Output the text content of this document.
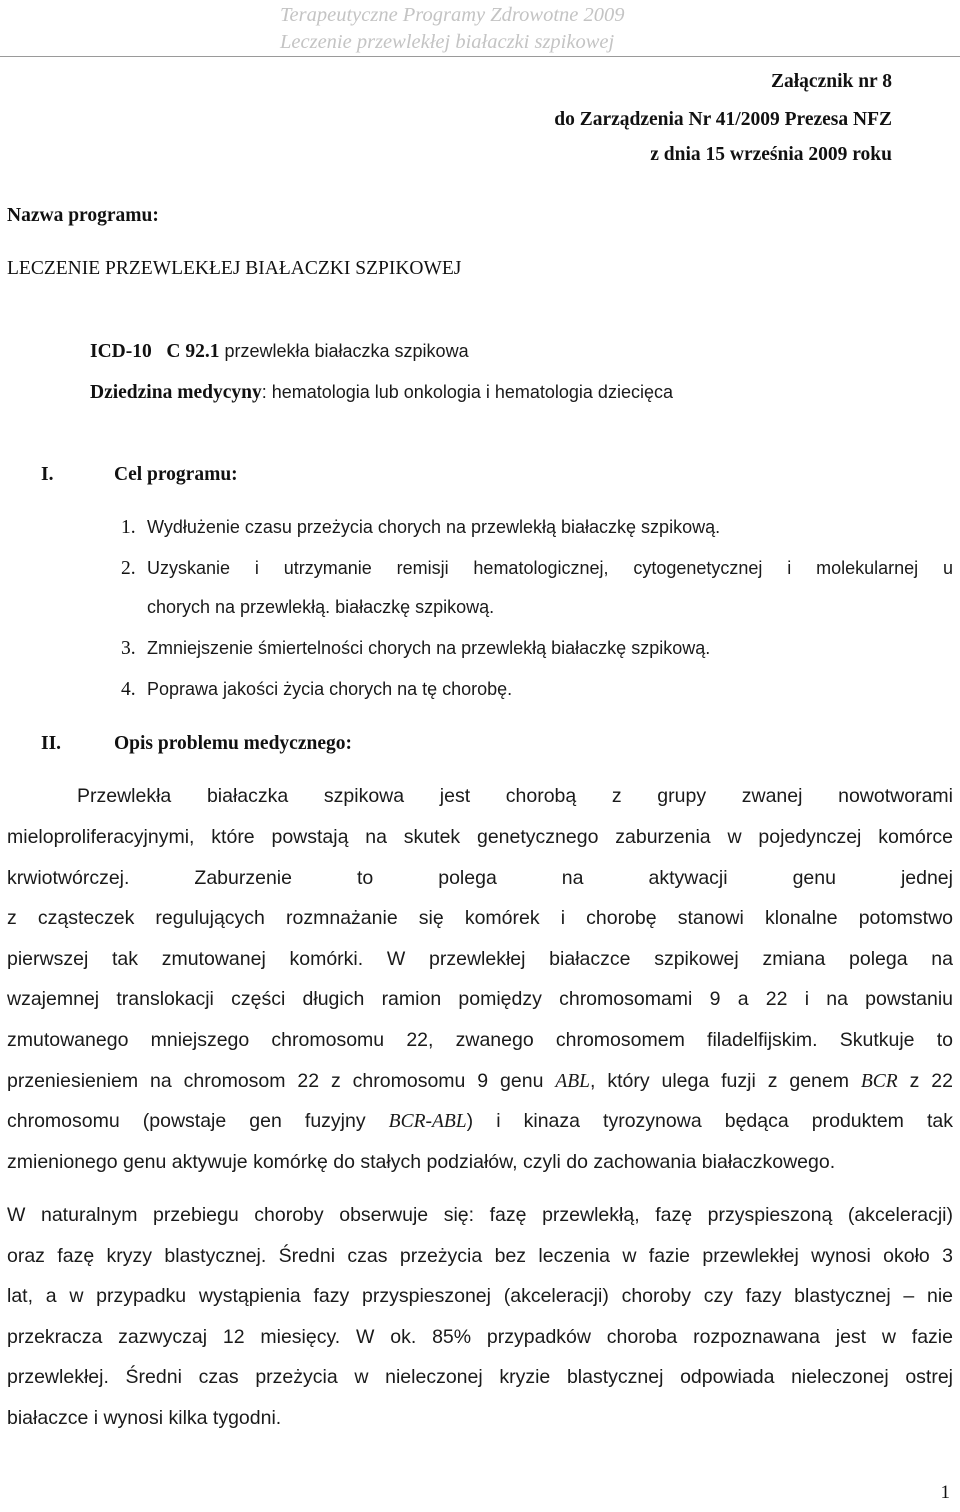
Terapeutyczne Programy Zdrowotne 2009
Leczenie przewlekłej białaczki szpikowej
Załącznik nr 8
do Zarządzenia Nr 41/2009 Prezesa NFZ
z dnia 15 września 2009 roku
Nazwa programu:
LECZENIE PRZEWLEKŁEJ BIAŁACZKI SZPIKOWEJ
ICD-10   C 92.1 przewlekła białaczka szpikowa
Dziedzina medycyny: hematologia lub onkologia i hematologia dziecięca
I.	Cel programu:
1. Wydłużenie czasu przeżycia chorych na przewlekłą białaczkę szpikową.
2. Uzyskanie i utrzymanie remisji hematologicznej, cytogenetycznej i molekularnej u
chorych na przewlekłą. białaczkę szpikową.
3. Zmniejszenie śmiertelności chorych na przewlekłą białaczkę szpikową.
4. Poprawa jakości życia chorych na tę chorobę.
II.	Opis problemu medycznego:
Przewlekła białaczka szpikowa jest chorobą z grupy zwanej nowotworami
mieloproliferacyjnymi, które powstają na skutek genetycznego zaburzenia w pojedynczej komórce
krwiotwórczej. Zaburzenie to polega na aktywacji genu jednej
z cząsteczek regulujących rozmnażanie się komórek i chorobę stanowi klonalne potomstwo
pierwszej tak zmutowanej komórki. W przewlekłej białaczce szpikowej zmiana polega na
wzajemnej translokacji części długich ramion pomiędzy chromosomami 9 a 22 i na powstaniu
zmutowanego mniejszego chromosomu 22, zwanego chromosomem filadelfijskim. Skutkuje to
przeniesieniem na chromosom 22 z chromosomu 9 genu ABL, który ulega fuzji z genem BCR z 22
chromosomu (powstaje gen fuzyjny BCR-ABL) i kinaza tyrozynowa będąca produktem tak
zmienionego genu aktywuje komórkę do stałych podziałów, czyli do zachowania białaczkowego.
W naturalnym przebiegu choroby obserwuje się: fazę przewlekłą, fazę przyspieszoną (akceleracji)
oraz fazę kryzy blastycznej. Średni czas przeżycia bez leczenia w fazie przewlekłej wynosi około 3
lat, a w przypadku wystąpienia fazy przyspieszonej (akceleracji) choroby czy fazy blastycznej – nie
przekracza zazwyczaj 12 miesięcy. W ok. 85% przypadków choroba rozpoznawana jest w fazie
przewlekłej. Średni czas przeżycia w nieleczonej kryzie blastycznej odpowiada nieleczonej ostrej
białaczce i wynosi kilka tygodni.
1
